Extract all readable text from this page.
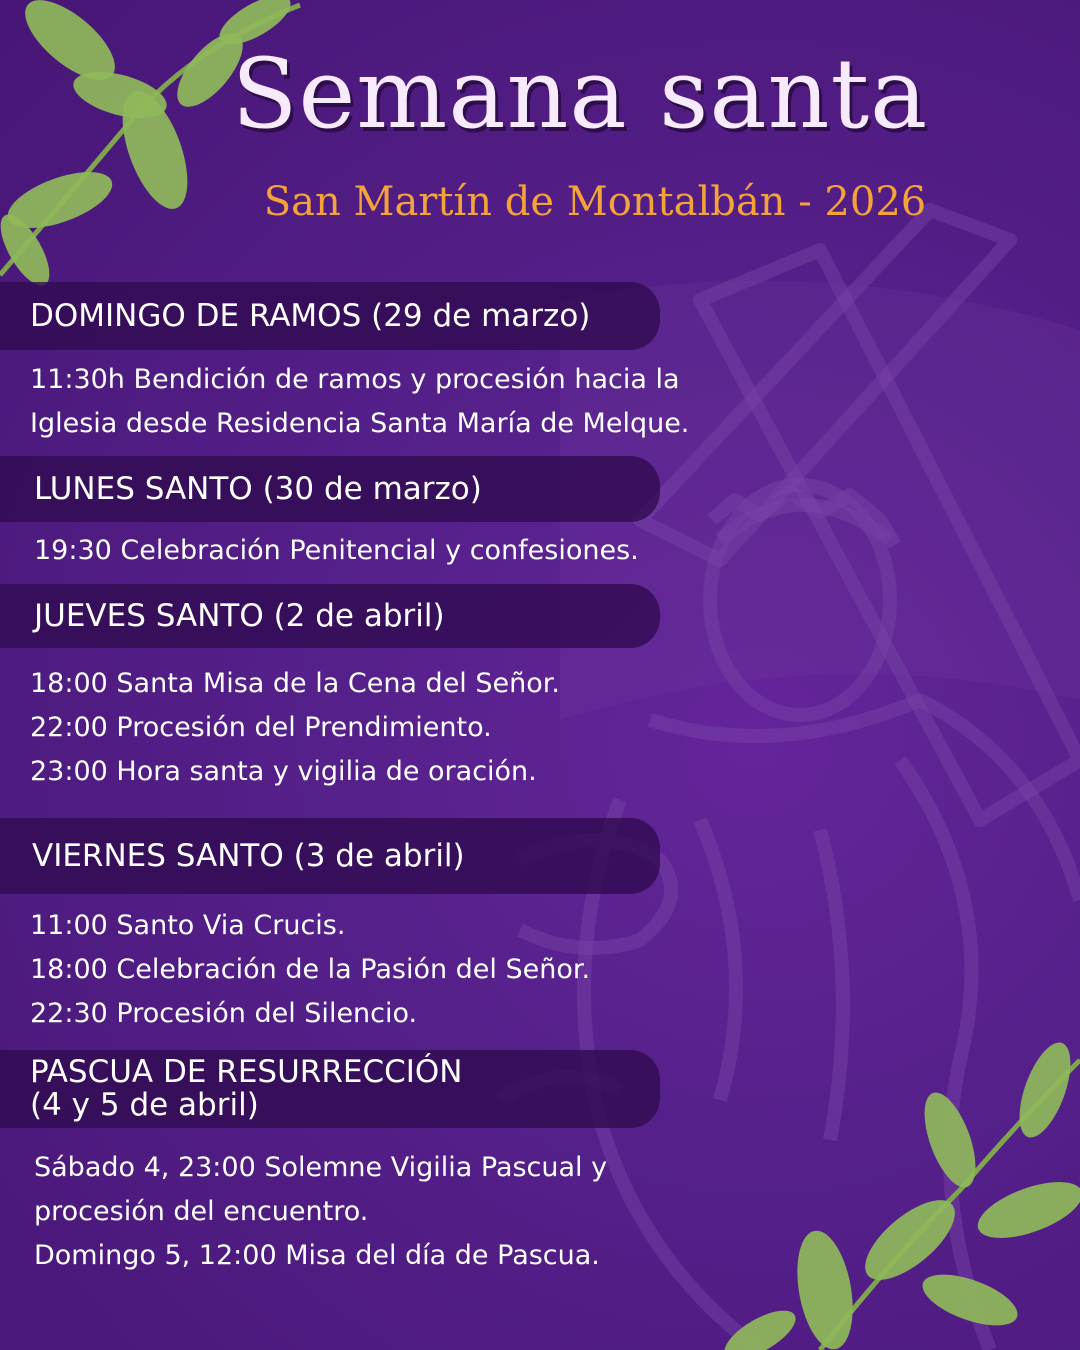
Semana santa
San Martín de Montalbán - 2026
DOMINGO DE RAMOS (29 de marzo)
11:30h Bendición de ramos y procesión hacia la
Iglesia desde Residencia Santa María de Melque.
LUNES SANTO (30 de marzo)
19:30 Celebración Penitencial y confesiones.
JUEVES SANTO (2 de abril)
18:00 Santa Misa de la Cena del Señor.
22:00 Procesión del Prendimiento.
23:00 Hora santa y vigilia de oración.
VIERNES SANTO (3 de abril)
11:00 Santo Via Crucis.
18:00 Celebración de la Pasión del Señor.
22:30 Procesión del Silencio.
PASCUA DE RESURRECCIÓN
(4 y 5 de abril)
Sábado 4, 23:00 Solemne Vigilia Pascual y
procesión del encuentro.
Domingo 5, 12:00 Misa del día de Pascua.
